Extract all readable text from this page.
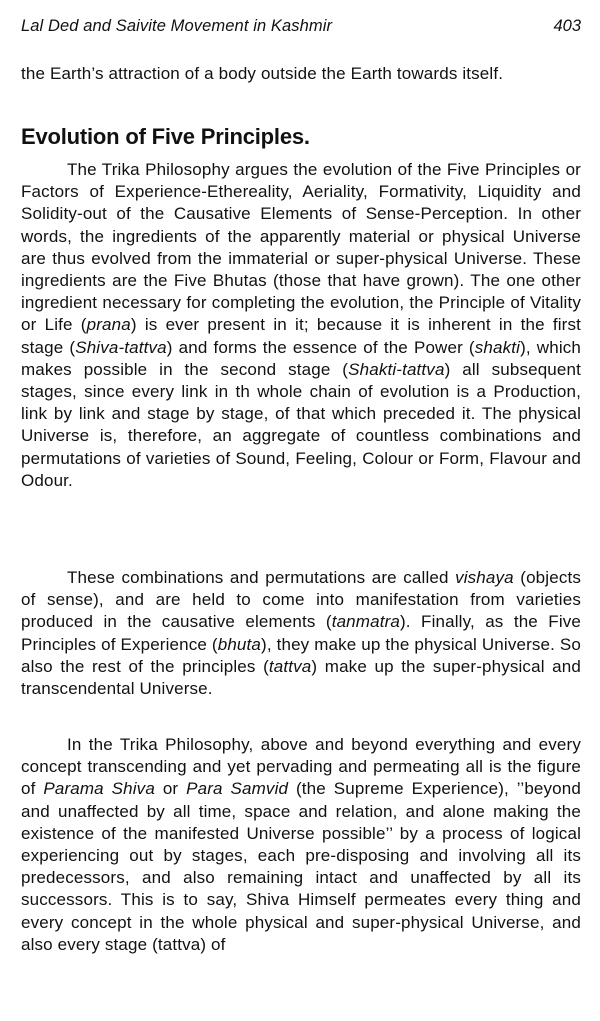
Lal Ded and Saivite Movement in Kashmir	403

the Earth’s attraction of a body outside the Earth towards itself.

Evolution of Five Principles.

The Trika Philosophy argues the evolution of the Five Principles or Factors of Experience-Ethereality, Aeriality, Formativity, Liquidity and Solidity-out of the Causative Elements of Sense-Perception. In other words, the ingredients of the apparently material or physical Universe are thus evolved from the immaterial or super-physical Universe. These ingredients are the Five Bhutas (those that have grown). The one other ingredient necessary for completing the evolution, the Principle of Vitality or Life (prana) is ever present in it; because it is inherent in the first stage (Shiva-tattva) and forms the essence of the Power (shakti), which makes possible in the second stage (Shakti-tattva) all subsequent stages, since every link in th whole chain of evolution is a Production, link by link and stage by stage, of that which preceded it. The physical Universe is, therefore, an aggregate of countless combinations and permutations of varieties of Sound, Feeling, Colour or Form, Flavour and Odour.

These combinations and permutations are called vishaya (objects of sense), and are held to come into manifestation from varieties produced in the causative elements (tanmatra). Finally, as the Five Principles of Experience (bhuta), they make up the physical Universe. So also the rest of the principles (tattva) make up the super-physical and transcendental Universe.

In the Trika Philosophy, above and beyond everything and every concept transcending and yet pervading and permeating all is the figure of Parama Shiva or Para Samvid (the Supreme Experience), ’’beyond and unaffected by all time, space and relation, and alone making the existence of the manifested Universe possible’’ by a process of logical experiencing out by stages, each pre-disposing and involving all its predecessors, and also remaining intact and unaffected by all its successors. This is to say, Shiva Himself permeates every thing and every concept in the whole physical and super-physical Universe, and also every stage (tattva) of
